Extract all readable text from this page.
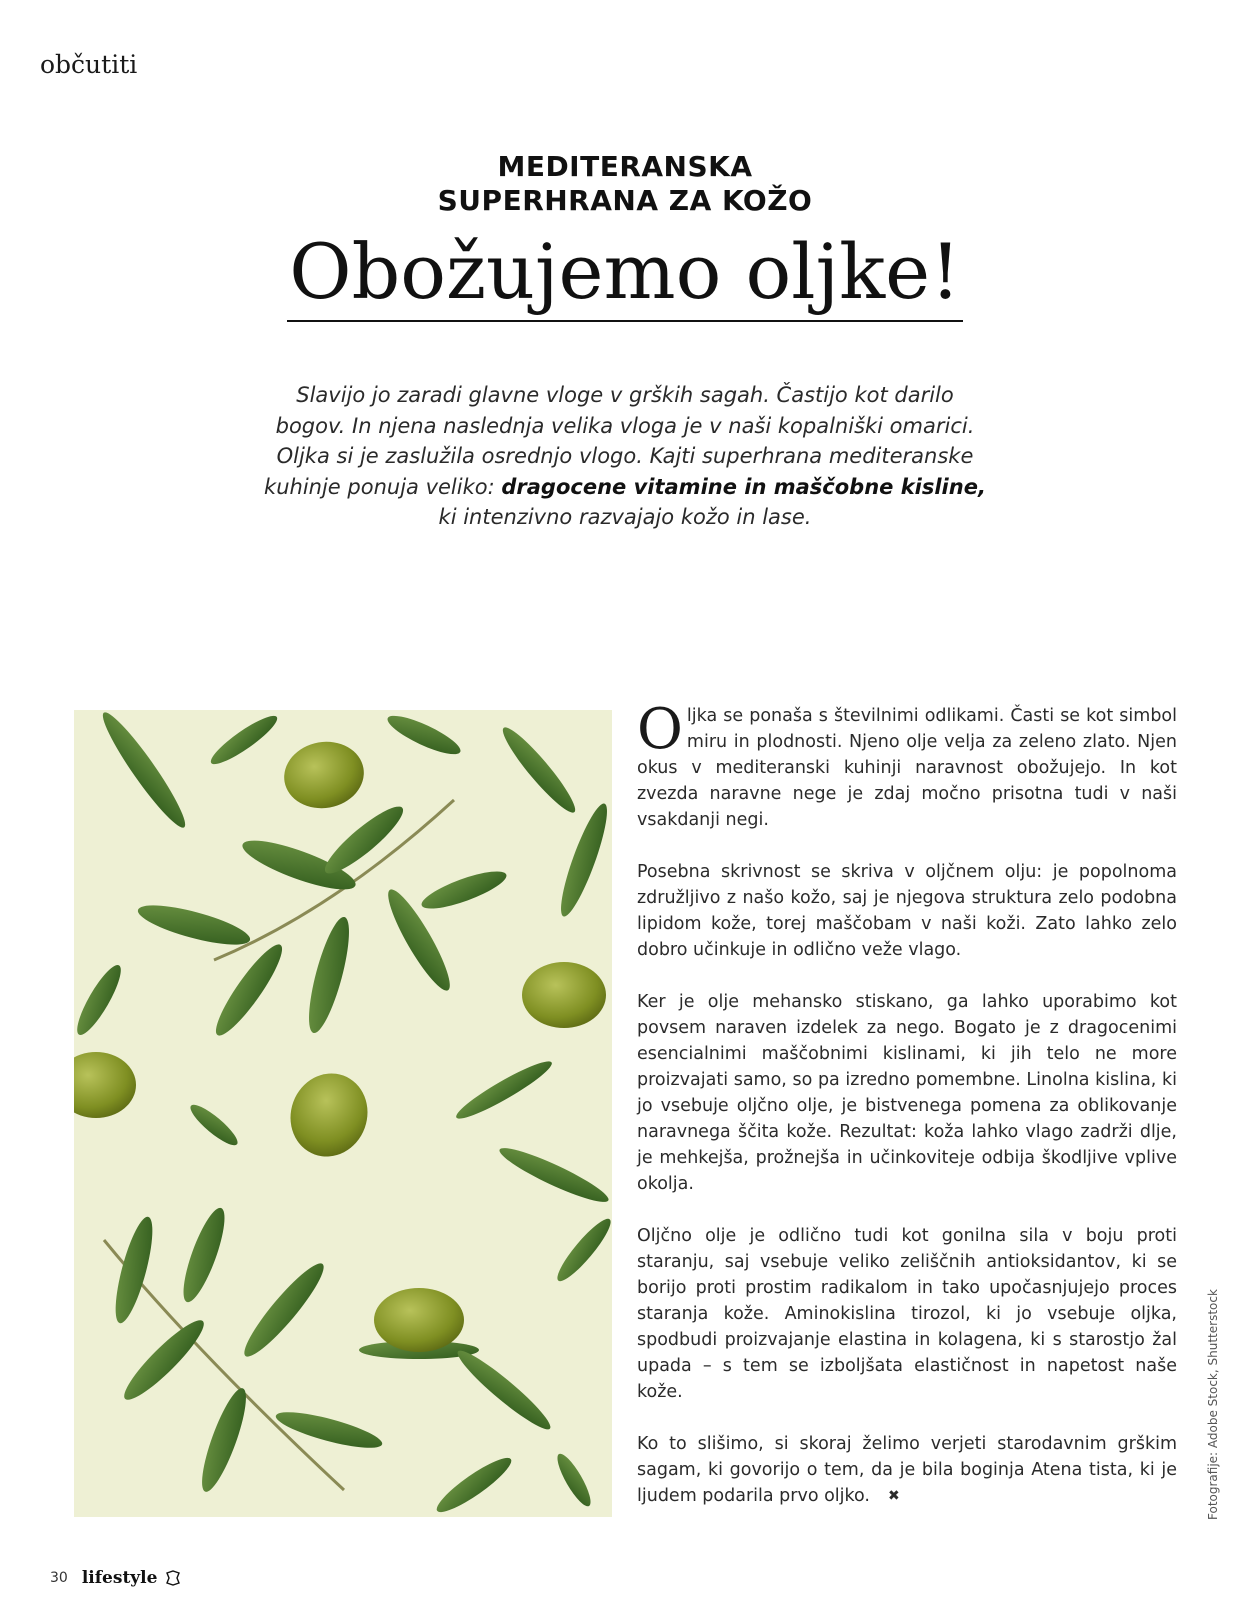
občutiti
MEDITERANSKA
SUPERHRANA ZA KOŽO
Obožujemo oljke!
Slavijo jo zaradi glavne vloge v grških sagah. Častijo kot darilo bogov. In njena naslednja velika vloga je v naši kopalniški omarici. Oljka si je zaslužila osrednjo vlogo. Kajti superhrana mediteranske kuhinje ponuja veliko: dragocene vitamine in maščobne kisline, ki intenzivno razvajajo kožo in lase.

Oljka se ponaša s številnimi odlikami. Časti se kot simbol miru in plodnosti. Njeno olje velja za zeleno zlato. Njen okus v mediteranski kuhinji naravnost obožujejo. In kot zvezda naravne nege je zdaj močno prisotna tudi v naši vsakdanji negi.

Posebna skrivnost se skriva v oljčnem olju: je popolnoma združljivo z našo kožo, saj je njegova struktura zelo podobna lipidom kože, torej maščobam v naši koži. Zato lahko zelo dobro učinkuje in odlično veže vlago.

Ker je olje mehansko stiskano, ga lahko uporabimo kot povsem naraven izdelek za nego. Bogato je z dragocenimi esencialnimi maščobnimi kislinami, ki jih telo ne more proizvajati samo, so pa izredno pomembne. Linolna kislina, ki jo vsebuje oljčno olje, je bistvenega pomena za oblikovanje naravnega ščita kože. Rezultat: koža lahko vlago zadrži dlje, je mehkejša, prožnejša in učinkoviteje odbija škodljive vplive okolja.

Oljčno olje je odlično tudi kot gonilna sila v boju proti staranju, saj vsebuje veliko zeliščnih antioksidantov, ki se borijo proti prostim radikalom in tako upočasnjujejo proces staranja kože. Aminokislina tirozol, ki jo vsebuje oljka, spodbudi proizvajanje elastina in kolagena, ki s starostjo žal upada – s tem se izboljšata elastičnost in napetost naše kože.

Ko to slišimo, si skoraj želimo verjeti starodavnim grškim sagam, ki govorijo o tem, da je bila boginja Atena tista, ki je ljudem podarila prvo oljko. ✖	Fotografije: Adobe Stock, Shutterstock
30 lifestyle
